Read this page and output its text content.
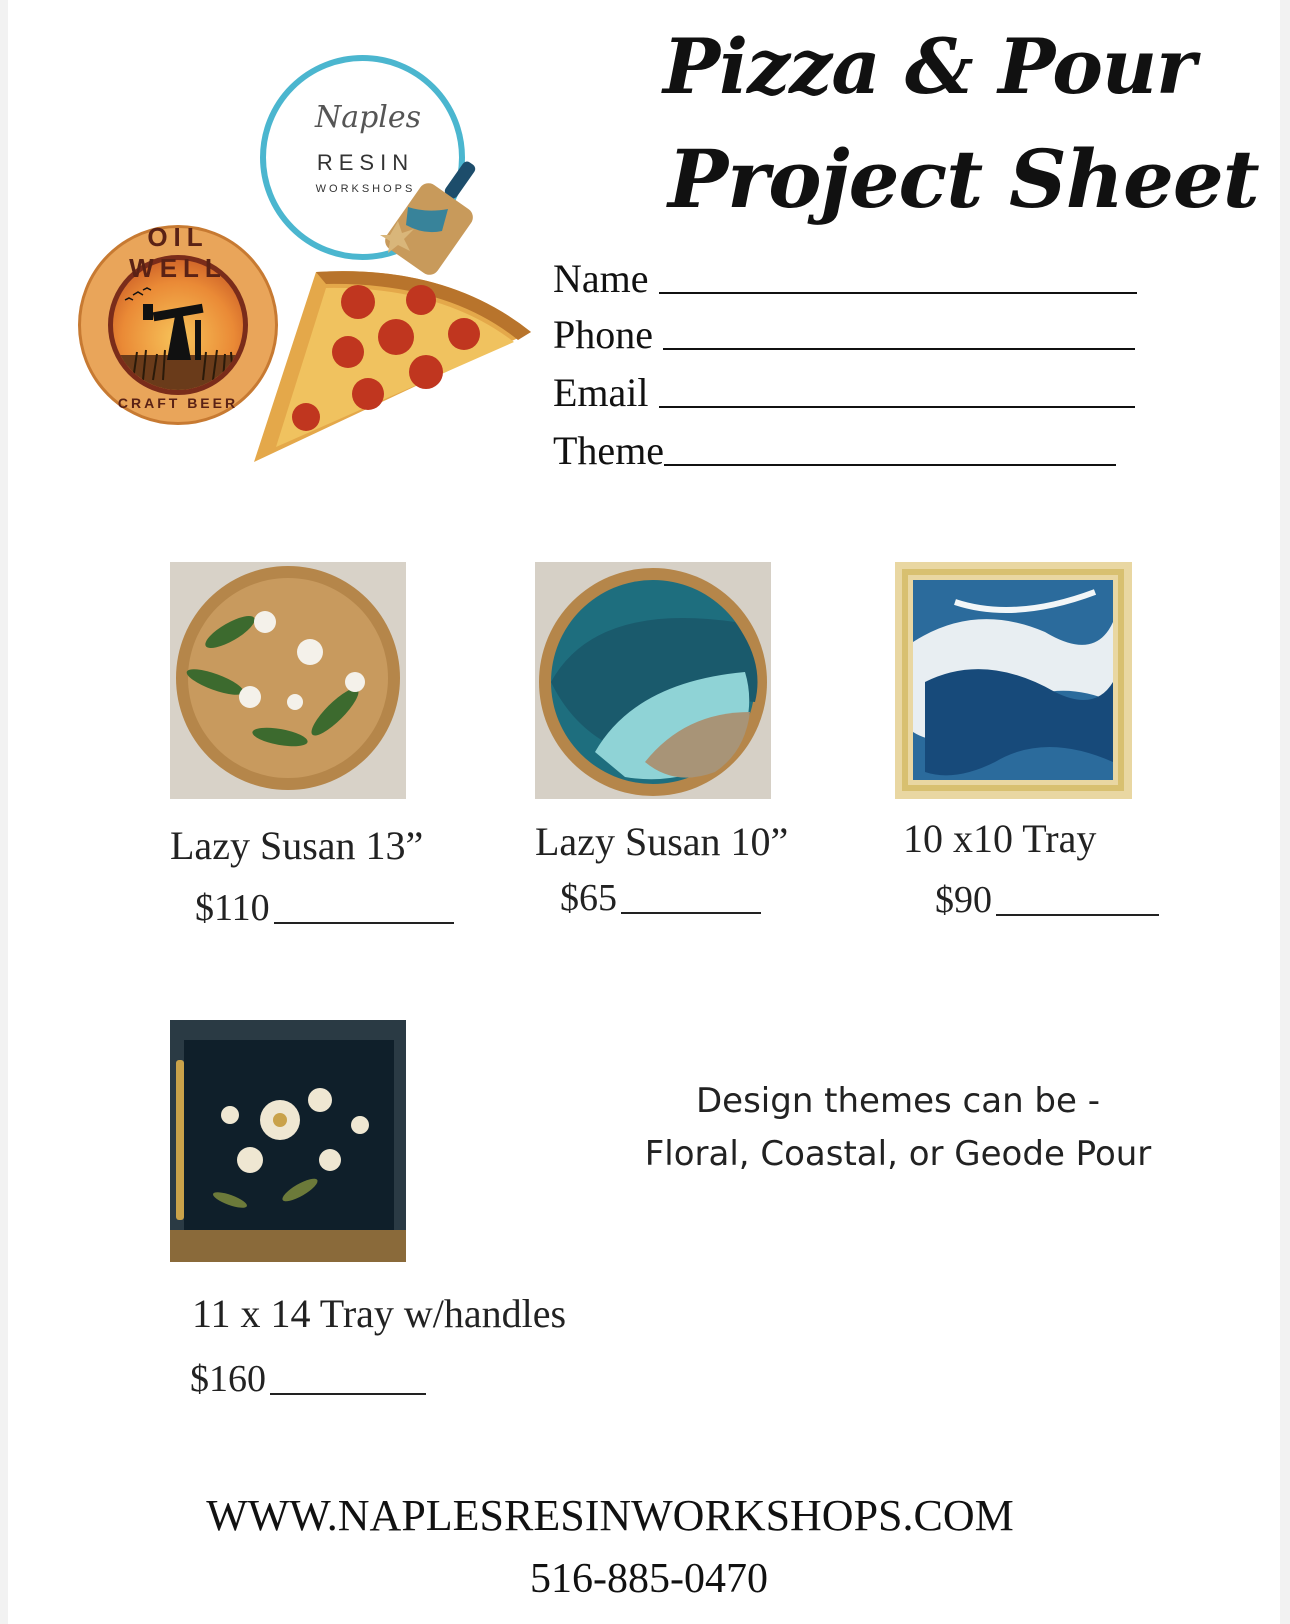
Pizza & Pour
Project Sheet
OIL WELL
CRAFT BEER
Naples
RESIN
WORKSHOPS
Name
Phone
Email
Theme
Lazy Susan 13”
$110
Lazy Susan 10”
$65
10 x10 Tray
$90
11 x 14 Tray w/handles
$160
Design themes can be -
Floral, Coastal, or Geode Pour
WWW.NAPLESRESINWORKSHOPS.COM
516-885-0470
